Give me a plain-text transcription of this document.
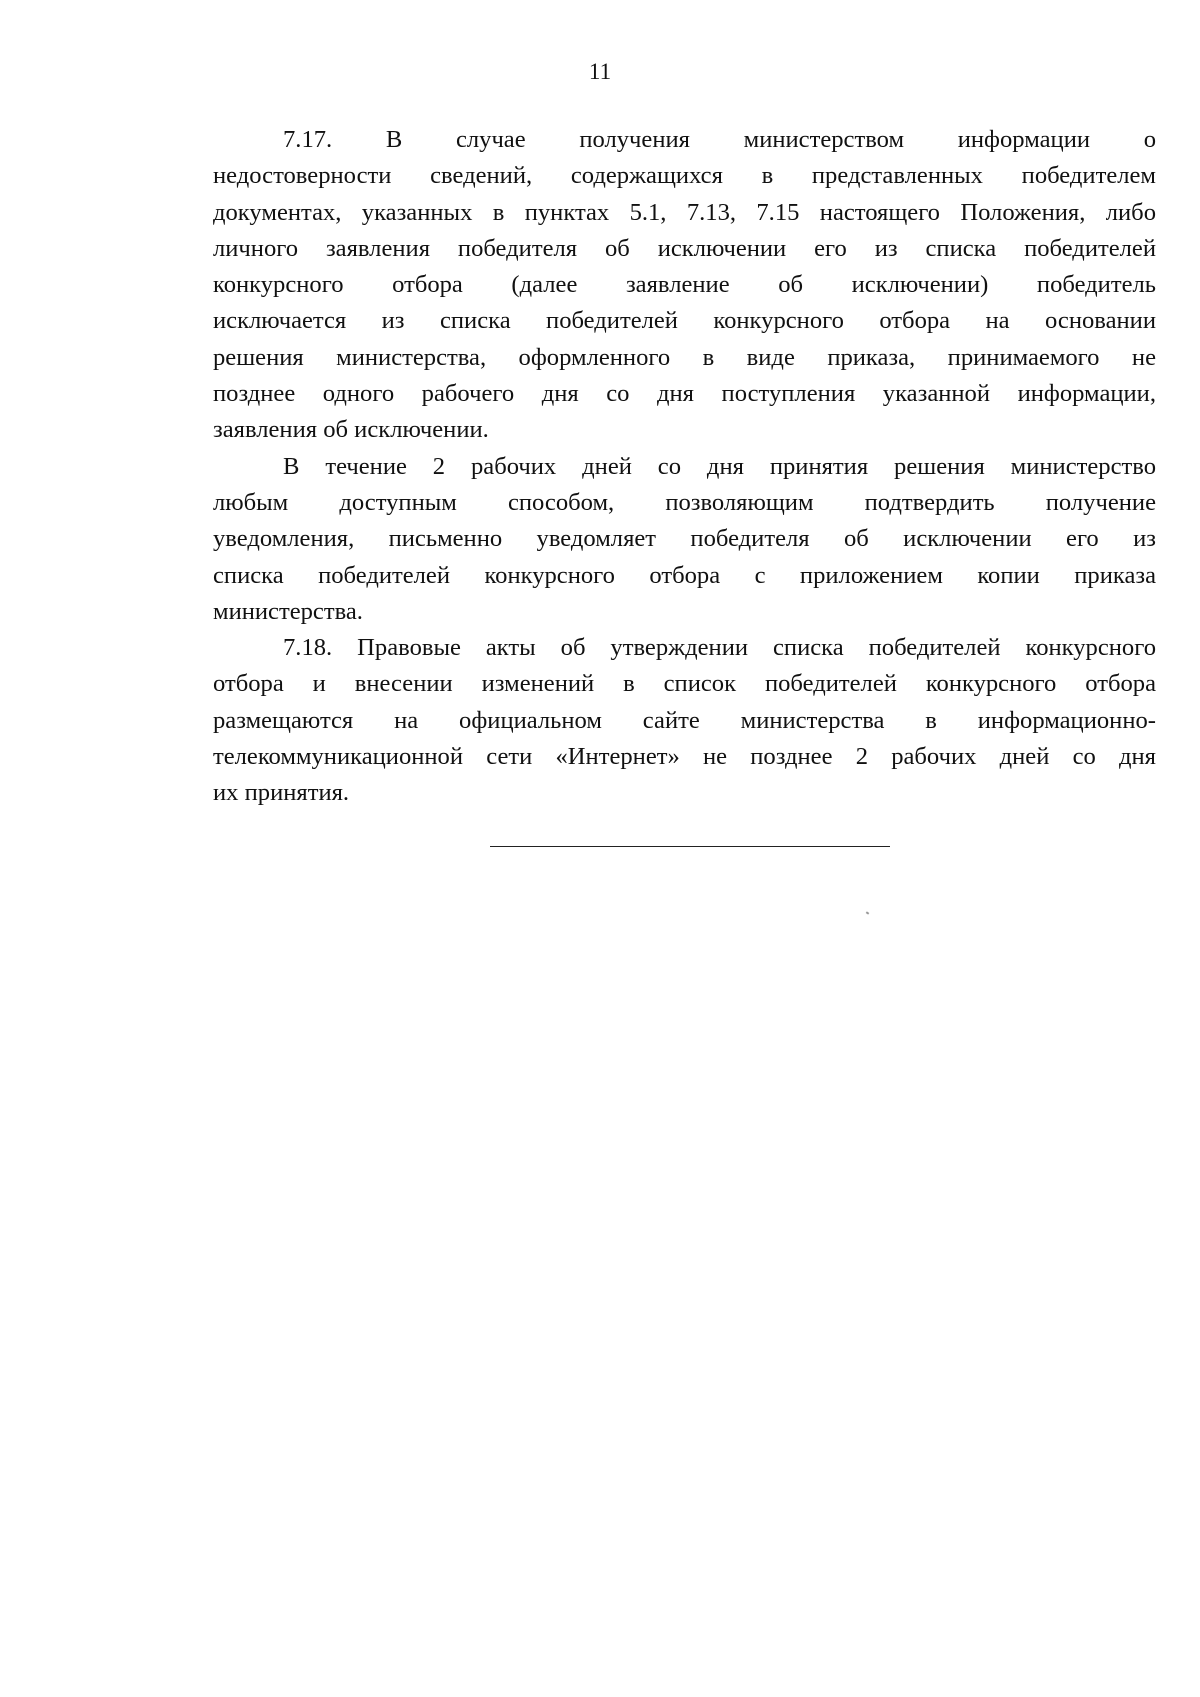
11
7.17. В случае получения министерством информации о
недостоверности сведений, содержащихся в представленных победителем
документах, указанных в пунктах 5.1, 7.13, 7.15 настоящего Положения, либо
личного заявления победителя об исключении его из списка победителей
конкурсного отбора (далее заявление об исключении) победитель
исключается из списка победителей конкурсного отбора на основании
решения министерства, оформленного в виде приказа, принимаемого не
позднее одного рабочего дня со дня поступления указанной информации,
заявления об исключении.
В течение 2 рабочих дней со дня принятия решения министерство
любым доступным способом, позволяющим подтвердить получение
уведомления, письменно уведомляет победителя об исключении его из
списка победителей конкурсного отбора с приложением копии приказа
министерства.
7.18. Правовые акты об утверждении списка победителей конкурсного
отбора и внесении изменений в список победителей конкурсного отбора
размещаются на официальном сайте министерства в информационно-
телекоммуникационной сети «Интернет» не позднее 2 рабочих дней со дня
их принятия.
